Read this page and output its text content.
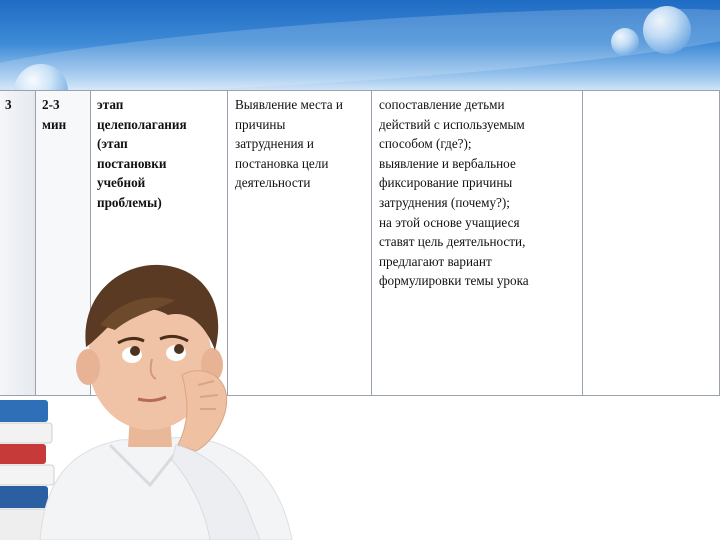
3	2-3
мин
этап
целеполагания
(этап
постановки
учебной
проблемы)
Выявление места и
причины
затруднения и
постановка цели
деятельности
сопоставление детьми
действий с используемым
способом (где?);
выявление и вербальное
фиксирование причины
затруднения (почему?);
на этой основе учащиеся
ставят цель деятельности,
предлагают вариант
формулировки темы урока
